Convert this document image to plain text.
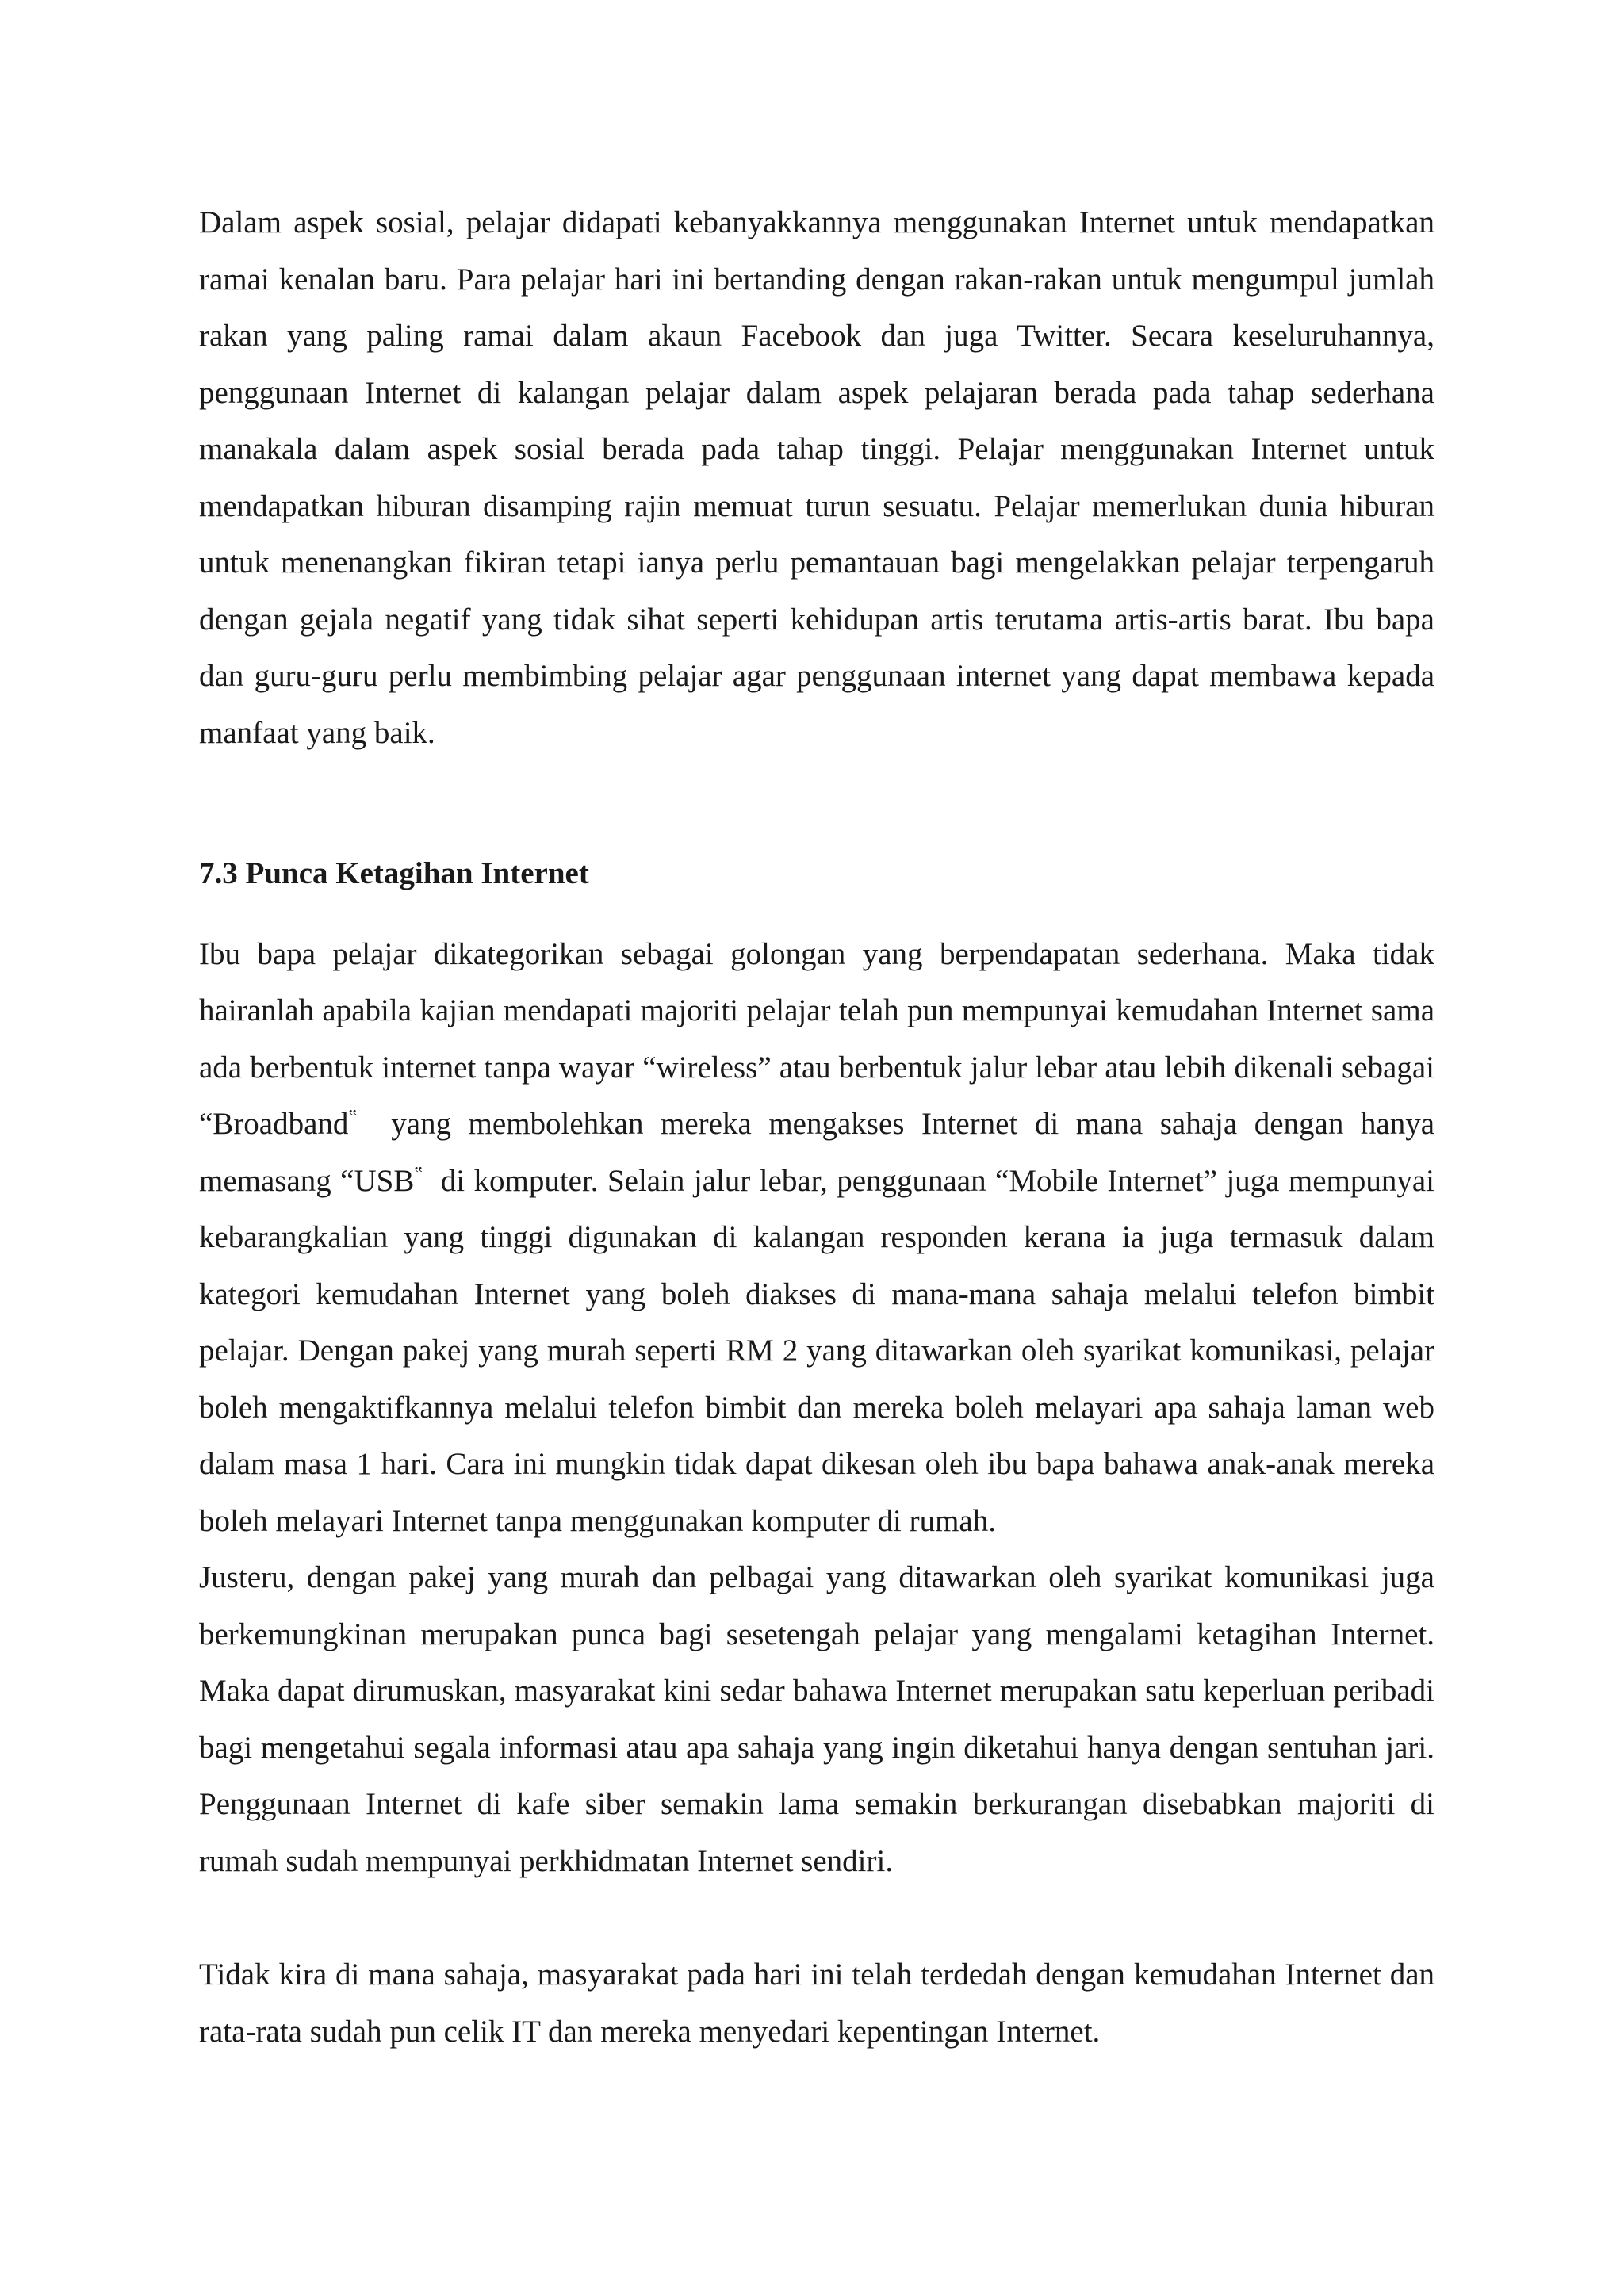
Dalam aspek sosial, pelajar didapati kebanyakkannya menggunakan Internet untuk mendapatkan ramai kenalan baru. Para pelajar hari ini bertanding dengan rakan-rakan untuk mengumpul jumlah rakan yang paling ramai dalam akaun Facebook dan juga Twitter. Secara keseluruhannya, penggunaan Internet di kalangan pelajar dalam aspek pelajaran berada pada tahap sederhana manakala dalam aspek sosial berada pada tahap tinggi. Pelajar menggunakan Internet untuk mendapatkan hiburan disamping rajin memuat turun sesuatu. Pelajar memerlukan dunia hiburan untuk menenangkan fikiran tetapi ianya perlu pemantauan bagi mengelakkan pelajar terpengaruh dengan gejala negatif yang tidak sihat seperti kehidupan artis terutama artis-artis barat. Ibu bapa dan guru-guru perlu membimbing pelajar agar penggunaan internet yang dapat membawa kepada manfaat yang baik.

7.3 Punca Ketagihan Internet

Ibu bapa pelajar dikategorikan sebagai golongan yang berpendapatan sederhana. Maka tidak hairanlah apabila kajian mendapati majoriti pelajar telah pun mempunyai kemudahan Internet sama ada berbentuk internet tanpa wayar “wireless” atau berbentuk jalur lebar atau lebih dikenali sebagai “Broadband‟  yang membolehkan mereka mengakses Internet di mana sahaja dengan hanya memasang “USB‟  di komputer. Selain jalur lebar, penggunaan “Mobile Internet” juga mempunyai kebarangkalian yang tinggi digunakan di kalangan responden kerana ia juga termasuk dalam kategori kemudahan Internet yang boleh diakses di mana-mana sahaja melalui telefon bimbit pelajar. Dengan pakej yang murah seperti RM 2 yang ditawarkan oleh syarikat komunikasi, pelajar boleh mengaktifkannya melalui telefon bimbit dan mereka boleh melayari apa sahaja laman web dalam masa 1 hari. Cara ini mungkin tidak dapat dikesan oleh ibu bapa bahawa anak-anak mereka boleh melayari Internet tanpa menggunakan komputer di rumah.

Justeru, dengan pakej yang murah dan pelbagai yang ditawarkan oleh syarikat komunikasi juga berkemungkinan merupakan punca bagi sesetengah pelajar yang mengalami ketagihan Internet. Maka dapat dirumuskan, masyarakat kini sedar bahawa Internet merupakan satu keperluan peribadi bagi mengetahui segala informasi atau apa sahaja yang ingin diketahui hanya dengan sentuhan jari. Penggunaan Internet di kafe siber semakin lama semakin berkurangan disebabkan majoriti di rumah sudah mempunyai perkhidmatan Internet sendiri.

Tidak kira di mana sahaja, masyarakat pada hari ini telah terdedah dengan kemudahan Internet dan rata-rata sudah pun celik IT dan mereka menyedari kepentingan Internet.
